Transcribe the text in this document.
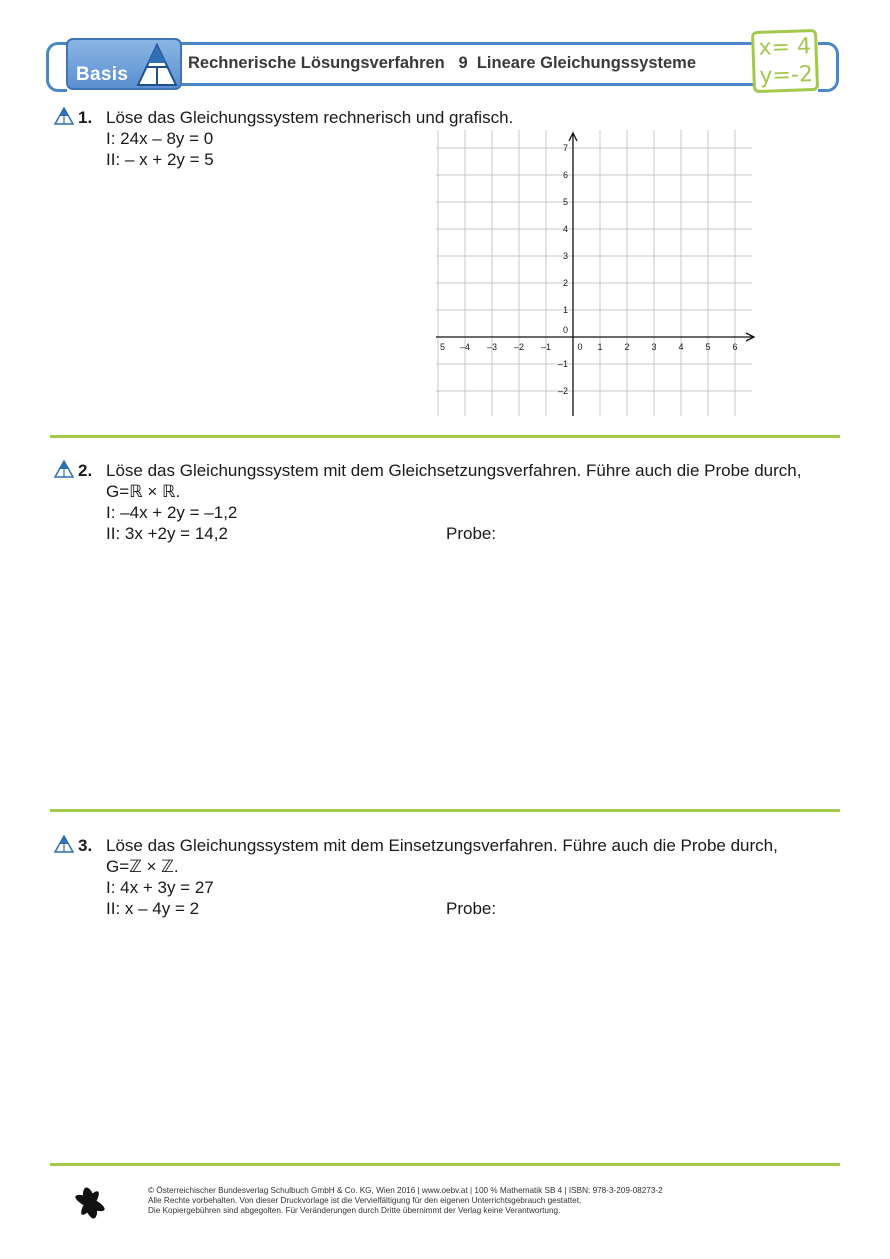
Basis
Rechnerische Lösungsverfahren   9  Lineare Gleichungssysteme
x= 4
y=-2
1. Löse das Gleichungssystem rechnerisch und grafisch.
I: 24x – 8y = 0
II: – x + 2y = 5
5 –4 –3 –2 –1	0 1 2 3 4 5 6
7
6
5
4
3
2
1
0
–1
–2
2. Löse das Gleichungssystem mit dem Gleichsetzungsverfahren. Führe auch die Probe durch,
G=ℝ × ℝ.
I: –4x + 2y = –1,2
II: 3x +2y = 14,2	Probe:
3. Löse das Gleichungssystem mit dem Einsetzungsverfahren. Führe auch die Probe durch,
G=ℤ × ℤ.
I: 4x + 3y = 27
II: x – 4y = 2	Probe:
© Österreichischer Bundesverlag Schulbuch GmbH & Co. KG, Wien 2016 | www.oebv.at | 100 % Mathematik SB 4 | ISBN: 978-3-209-08273-2
Alle Rechte vorbehalten. Von dieser Druckvorlage ist die Vervielfältigung für den eigenen Unterrichtsgebrauch gestattet.
Die Kopiergebühren sind abgegolten. Für Veränderungen durch Dritte übernimmt der Verlag keine Verantwortung.
